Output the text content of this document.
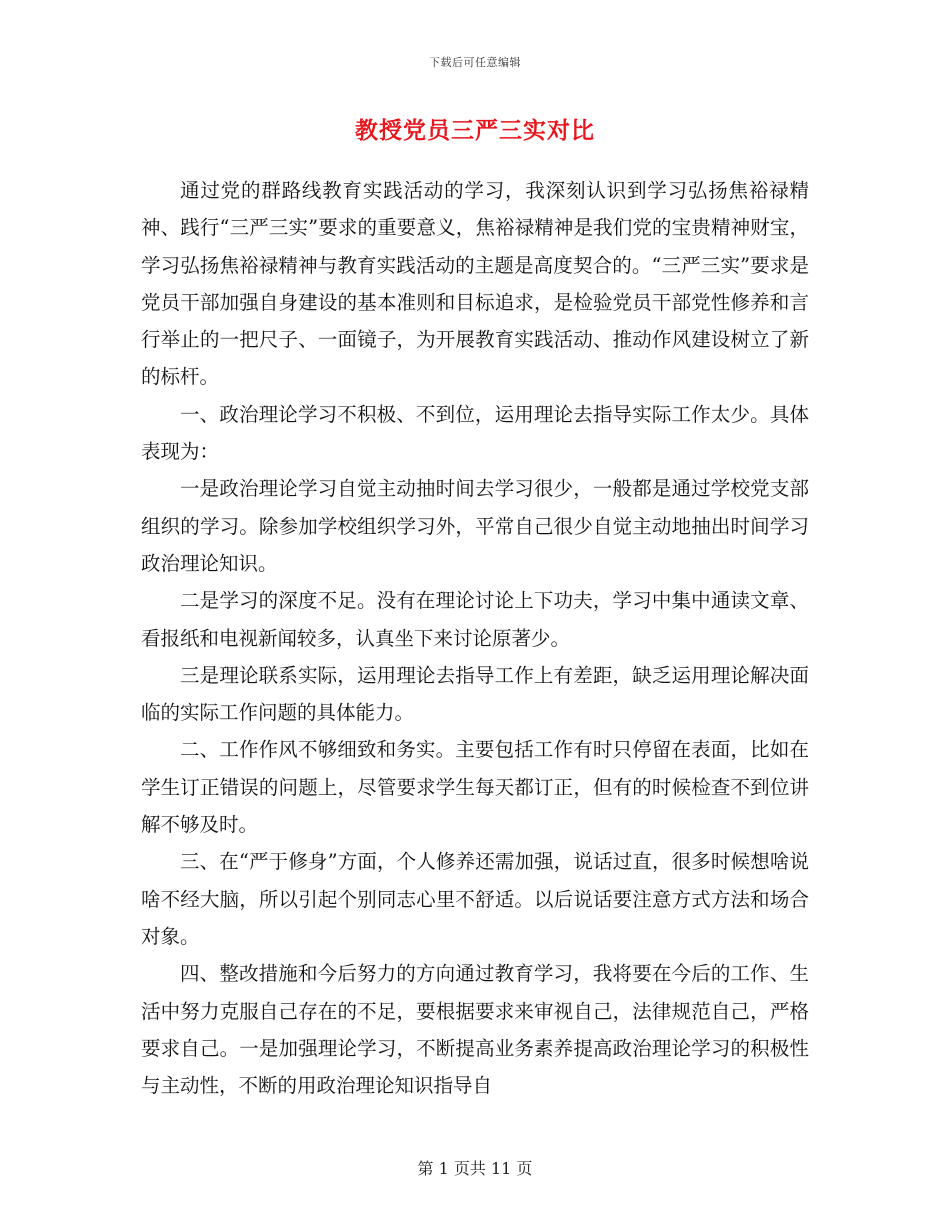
下载后可任意编辑
教授党员三严三实对比

通过党的群路线教育实践活动的学习，我深刻认识到学习弘扬焦裕禄精神、践行“三严三实”要求的重要意义，焦裕禄精神是我们党的宝贵精神财宝，学习弘扬焦裕禄精神与教育实践活动的主题是高度契合的。“三严三实”要求是党员干部加强自身建设的基本准则和目标追求，是检验党员干部党性修养和言行举止的一把尺子、一面镜子，为开展教育实践活动、推动作风建设树立了新的标杆。

一、政治理论学习不积极、不到位，运用理论去指导实际工作太少。具体表现为：

一是政治理论学习自觉主动抽时间去学习很少，一般都是通过学校党支部组织的学习。除参加学校组织学习外，平常自己很少自觉主动地抽出时间学习政治理论知识。

二是学习的深度不足。没有在理论讨论上下功夫，学习中集中通读文章、看报纸和电视新闻较多，认真坐下来讨论原著少。

三是理论联系实际，运用理论去指导工作上有差距，缺乏运用理论解决面临的实际工作问题的具体能力。

二、工作作风不够细致和务实。主要包括工作有时只停留在表面，比如在学生订正错误的问题上，尽管要求学生每天都订正，但有的时候检查不到位讲解不够及时。

三、在“严于修身”方面，个人修养还需加强，说话过直，很多时候想啥说啥不经大脑，所以引起个别同志心里不舒适。以后说话要注意方式方法和场合对象。

四、整改措施和今后努力的方向通过教育学习，我将要在今后的工作、生活中努力克服自己存在的不足，要根据要求来审视自己，法律规范自己，严格要求自己。一是加强理论学习，不断提高业务素养提高政治理论学习的积极性与主动性，不断的用政治理论知识指导自

第 1 页共 11 页
